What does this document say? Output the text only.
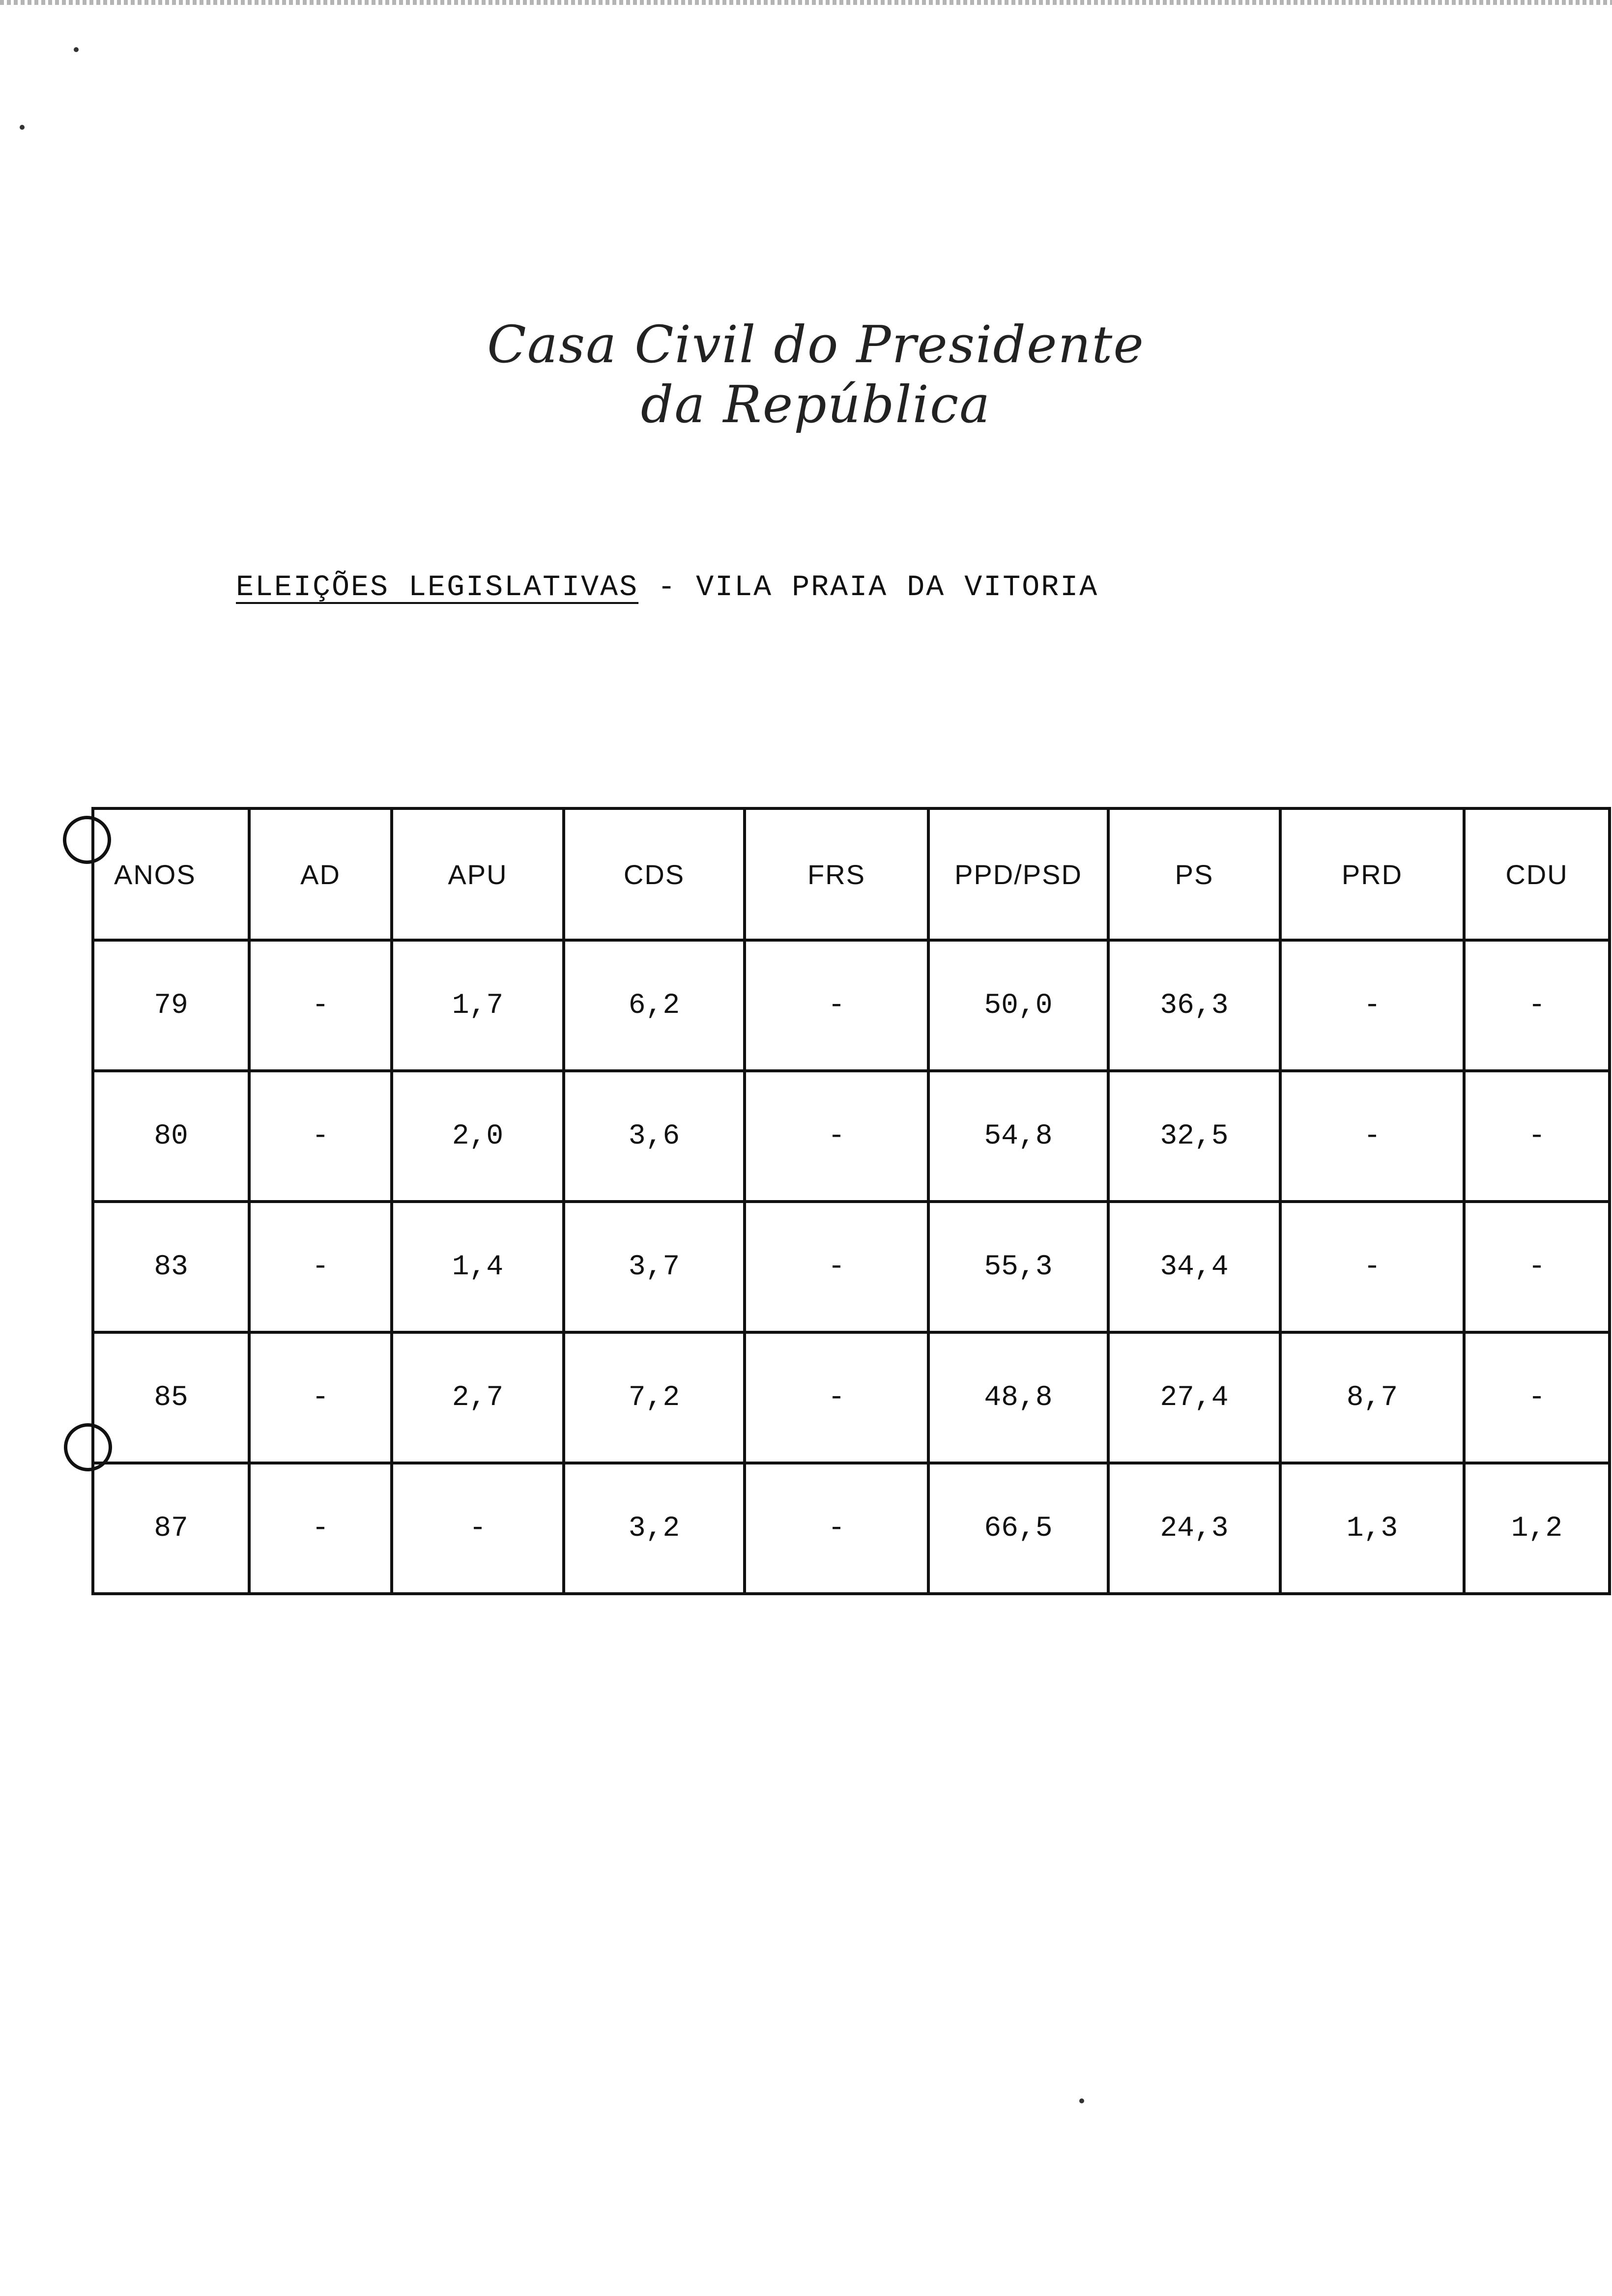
Casa Civil do Presidente da República
ELEIÇÕES LEGISLATIVAS - VILA PRAIA DA VITORIA
ANOS	AD	APU	CDS	FRS	PPD/PSD	PS	PRD	CDU
79	-	1,7	6,2	-	50,0	36,3	-	-
80	-	2,0	3,6	-	54,8	32,5	-	-
83	-	1,4	3,7	-	55,3	34,4	-	-
85	-	2,7	7,2	-	48,8	27,4	8,7	-
87	-	-	3,2	-	66,5	24,3	1,3	1,2
